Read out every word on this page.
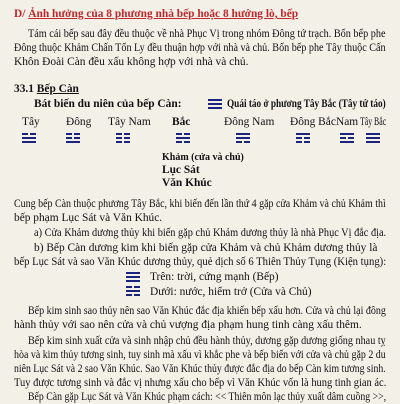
D/ Ảnh hưởng của 8 phương nhà bếp hoặc 8 hướng lò, bếp
Tám cái bếp sau đây đều thuộc về nhà Phục Vị trong nhóm Đông tứ trạch. Bốn bếp phe
Đông thuộc Khảm Chấn Tốn Ly đều thuận hợp với nhà và chủ. Bốn bếp phe Tây thuộc Cấn
Khôn Đoài Càn đều xấu không hợp với nhà và chủ.
33.1 Bếp Càn
Bát biến du niên của bếp Càn:	Quái táo ở phương Tây Bắc (Tây tứ táo)
Tây Đông Tây Nam Bắc	Đông Nam Đông Bắc Nam Tây Bắc
Khảm (cửa và chủ)
Lục Sát
Văn Khúc
Cung bếp Càn thuộc phương Tây Bắc, khi biến đến lần thứ 4 gặp cửa Khảm và chủ Khảm thì
bếp phạm Lục Sát và Văn Khúc.
a) Cửa Khảm dương thủy khi biến gặp chủ Khảm dương thủy là nhà Phục Vị đắc địa.
b) Bếp Càn dương kim khi biến gặp cửa Khảm và chủ Khảm dương thủy là
bếp Lục Sát và sao Văn Khúc dương thủy, quẻ dịch số 6 Thiên Thủy Tụng (Kiện tụng):
Trên: trời, cứng mạnh (Bếp)
Dưới: nước, hiểm trở (Cửa và Chủ)
Bếp kim sinh sao thủy nên sao Văn Khúc đắc địa khiến bếp xấu hơn. Cửa và chủ lại đông
hành thủy với sao nên cửa và chủ vượng địa phạm hung tinh càng xấu thêm.
Bếp kim sinh xuất cửa và sinh nhập chủ đều hành thủy, dương gặp dương giống nhau tỵ
hòa và kim thủy tương sinh, tuy sinh mà xấu vì khắc phe và bếp biến với cửa và chủ gặp 2 du
niên Lục Sát và 2 sao Văn Khúc. Sao Văn Khúc thủy được đắc địa do bếp Càn kim tương sinh.
Tuy được tương sinh và đắc vị nhưng xấu cho bếp vì Văn Khúc vốn là hung tinh gian ác.
Bếp Càn gặp Lục Sát và Văn Khúc phạm cách: << Thiên môn lạc thủy xuất dâm cuồng >>,
